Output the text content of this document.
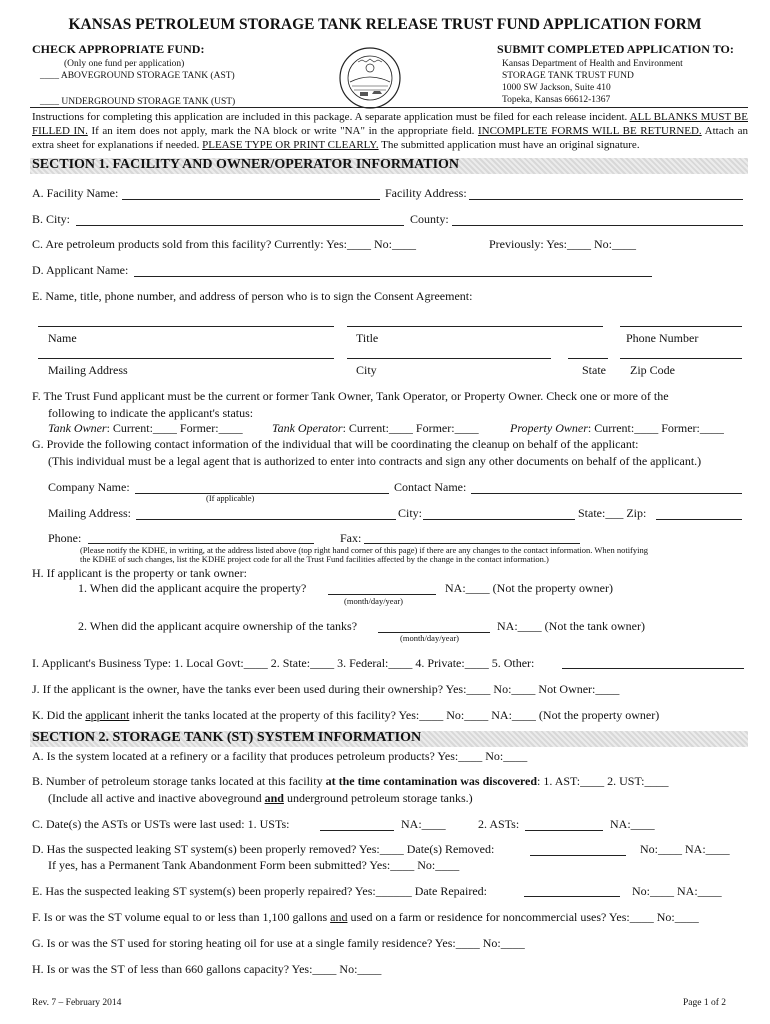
KANSAS PETROLEUM STORAGE TANK RELEASE TRUST FUND APPLICATION FORM
CHECK APPROPRIATE FUND:
(Only one fund per application)
____ ABOVEGROUND STORAGE TANK (AST)
____ UNDERGROUND STORAGE TANK (UST)
SUBMIT COMPLETED APPLICATION TO:
Kansas Department of Health and Environment
STORAGE TANK TRUST FUND
1000 SW Jackson, Suite 410
Topeka, Kansas 66612-1367
Instructions for completing this application are included in this package. A separate application must be filed for each release incident. ALL BLANKS MUST BE FILLED IN. If an item does not apply, mark the NA block or write "NA" in the appropriate field. INCOMPLETE FORMS WILL BE RETURNED. Attach an extra sheet for explanations if needed. PLEASE TYPE OR PRINT CLEARLY. The submitted application must have an original signature.
SECTION 1. FACILITY AND OWNER/OPERATOR INFORMATION
A. Facility Name:	Facility Address:
B. City:	County:
C. Are petroleum products sold from this facility? Currently: Yes:____ No:____	Previously: Yes:____ No:____
D. Applicant Name:
E. Name, title, phone number, and address of person who is to sign the Consent Agreement:
Name	Title	Phone Number
Mailing Address	City	State Zip Code
F. The Trust Fund applicant must be the current or former Tank Owner, Tank Operator, or Property Owner. Check one or more of the
following to indicate the applicant's status:
Tank Owner: Current:____ Former:____ Tank Operator: Current:____ Former:____	Property Owner: Current:____ Former:____
G. Provide the following contact information of the individual that will be coordinating the cleanup on behalf of the applicant:
(This individual must be a legal agent that is authorized to enter into contracts and sign any other documents on behalf of the applicant.)
Company Name:
(If applicable)
Contact Name:
Mailing Address:	City:	State:___ Zip:
Phone:	Fax:
(Please notify the KDHE, in writing, at the address listed above (top right hand corner of this page) if there are any changes to the contact information. When notifying
the KDHE of such changes, list the KDHE project code for all the Trust Fund facilities affected by the change in the contact information.)
H. If applicant is the property or tank owner:
1. When did the applicant acquire the property?	NA:____ (Not the property owner)
(month/day/year)
2. When did the applicant acquire ownership of the tanks?	NA:____ (Not the tank owner)
(month/day/year)
I. Applicant's Business Type: 1. Local Govt:____ 2. State:____ 3. Federal:____ 4. Private:____ 5. Other:
J. If the applicant is the owner, have the tanks ever been used during their ownership? Yes:____ No:____ Not Owner:____
K. Did the applicant inherit the tanks located at the property of this facility? Yes:____ No:____ NA:____ (Not the property owner)
SECTION 2. STORAGE TANK (ST) SYSTEM INFORMATION
A. Is the system located at a refinery or a facility that produces petroleum products? Yes:____ No:____
B. Number of petroleum storage tanks located at this facility at the time contamination was discovered: 1. AST:____ 2. UST:____
(Include all active and inactive aboveground and underground petroleum storage tanks.)
C. Date(s) the ASTs or USTs were last used: 1. USTs:	NA:____	2. ASTs:	NA:____
D. Has the suspected leaking ST system(s) been properly removed? Yes:____ Date(s) Removed:	No:____ NA:____
If yes, has a Permanent Tank Abandonment Form been submitted? Yes:____ No:____
E. Has the suspected leaking ST system(s) been properly repaired? Yes:______ Date Repaired:	No:____ NA:____
F. Is or was the ST volume equal to or less than 1,100 gallons and used on a farm or residence for noncommercial uses? Yes:____ No:____
G. Is or was the ST used for storing heating oil for use at a single family residence? Yes:____ No:____
H. Is or was the ST of less than 660 gallons capacity? Yes:____ No:____
Rev. 7 – February 2014	Page 1 of 2
